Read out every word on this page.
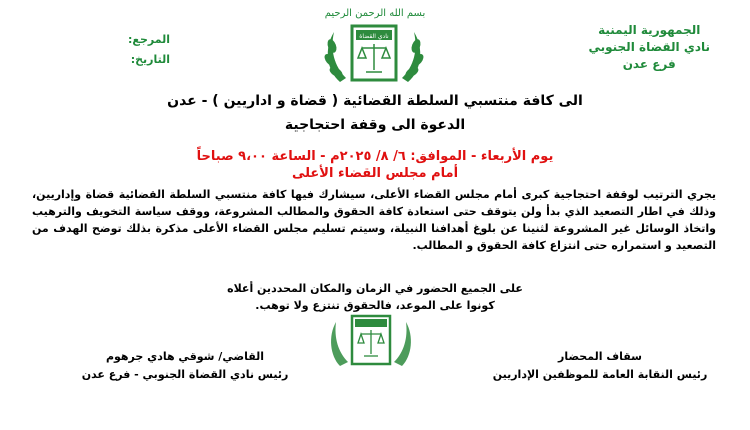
بسم الله الرحمن الرحيم
الجمهورية اليمنية
نادي القضاة الجنوبي
فرع عدن
المرجع:
التاريخ:
نادي القضاة
الى كافة منتسبي السلطة القضائية ( قضاة و اداريين ) - عدن
الدعوة الى وقفة احتجاجية
يوم الأربعاء - الموافق: ٦/ ٨/ ٢٠٢٥م - الساعة ٩،٠٠ صباحاً
أمام مجلس القضاء الأعلى
يجري الترتيب لوقفة احتجاجية كبرى أمام مجلس القضاء الأعلى، سيشارك فيها كافة منتسبي السلطة القضائية قضاة وإداريين، وذلك في اطار التصعيد الذي بدأ ولن يتوقف حتى استعادة كافة الحقوق والمطالب المشروعة، ووقف سياسة التخويف والترهيب واتخاذ الوسائل غير المشروعة لثنينا عن بلوغ أهدافنا النبيلة، وسيتم تسليم مجلس القضاء الأعلى مذكرة بذلك توضح الهدف من التصعيد و استمراره حتى انتزاع كافة الحقوق و المطالب.
على الجميع الحضور في الزمان والمكان المحددين أعلاه
كونوا على الموعد، فالحقوق تنتزع ولا توهب.
سقاف المحضار
رئيس النقابة العامة للموظفين الإداريين
القاضي/ شوقي هادي جرهوم
رئيس نادي القضاة الجنوبي - فرع عدن
